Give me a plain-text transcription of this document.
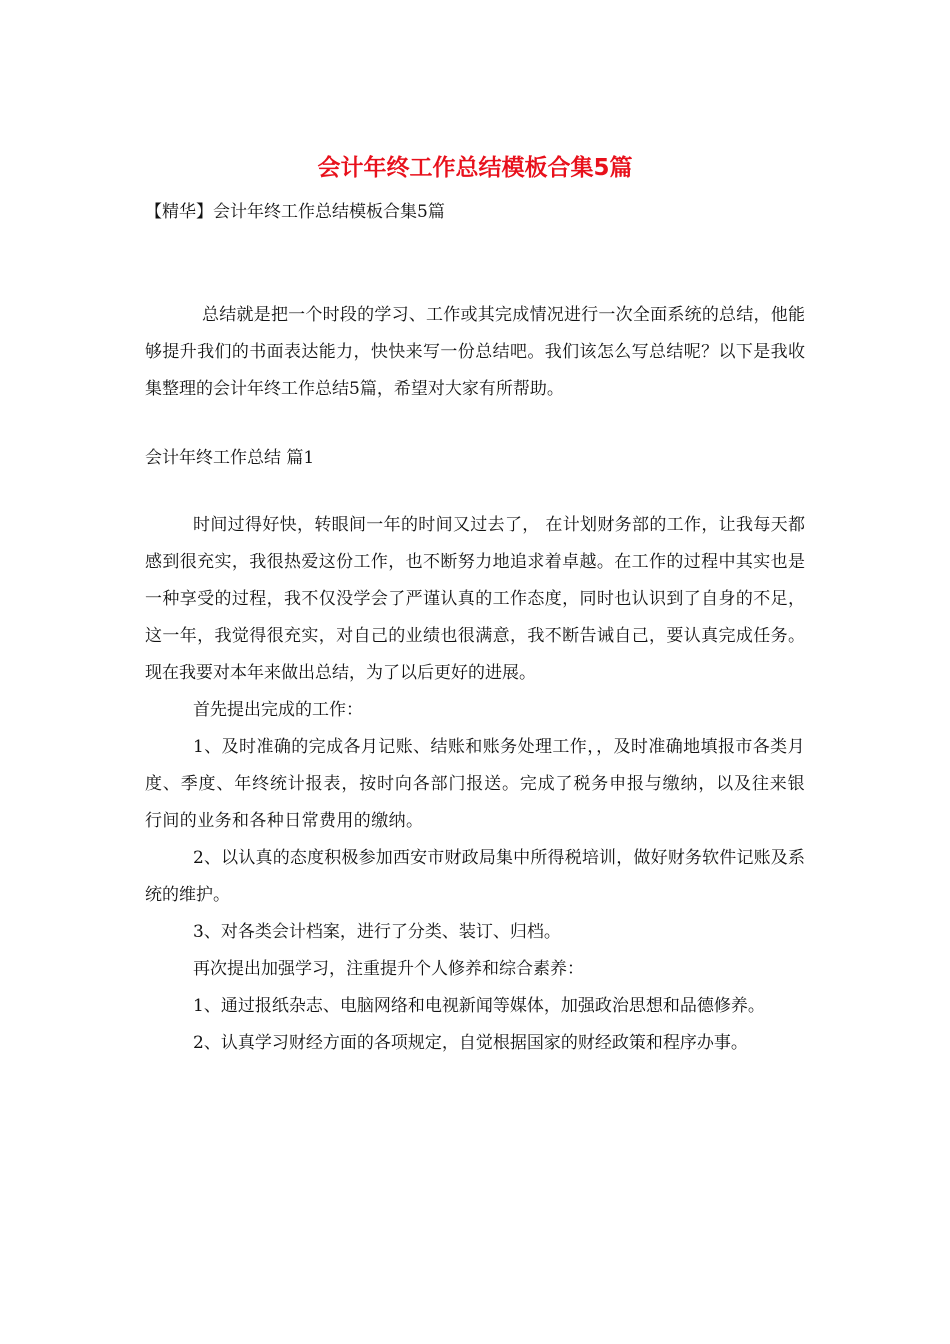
会计年终工作总结模板合集5篇
【精华】会计年终工作总结模板合集5篇
总结就是把一个时段的学习、工作或其完成情况进行一次全面系统的总结，他能够提升我们的书面表达能力，快快来写一份总结吧。我们该怎么写总结呢？以下是我收集整理的会计年终工作总结5篇，希望对大家有所帮助。
会计年终工作总结 篇1

时间过得好快，转眼间一年的时间又过去了， 在计划财务部的工作，让我每天都感到很充实，我很热爱这份工作，也不断努力地追求着卓越。在工作的过程中其实也是一种享受的过程，我不仅没学会了严谨认真的工作态度，同时也认识到了自身的不足，这一年，我觉得很充实，对自己的业绩也很满意，我不断告诫自己，要认真完成任务。现在我要对本年来做出总结，为了以后更好的进展。

首先提出完成的工作：

1、及时准确的完成各月记账、结账和账务处理工作，，及时准确地填报市各类月度、季度、年终统计报表，按时向各部门报送。完成了税务申报与缴纳，以及往来银行间的业务和各种日常费用的缴纳。

2、以认真的态度积极参加西安市财政局集中所得税培训，做好财务软件记账及系统的维护。

3、对各类会计档案，进行了分类、装订、归档。

再次提出加强学习，注重提升个人修养和综合素养：

1、通过报纸杂志、电脑网络和电视新闻等媒体，加强政治思想和品德修养。

2、认真学习财经方面的各项规定，自觉根据国家的财经政策和程序办事。
